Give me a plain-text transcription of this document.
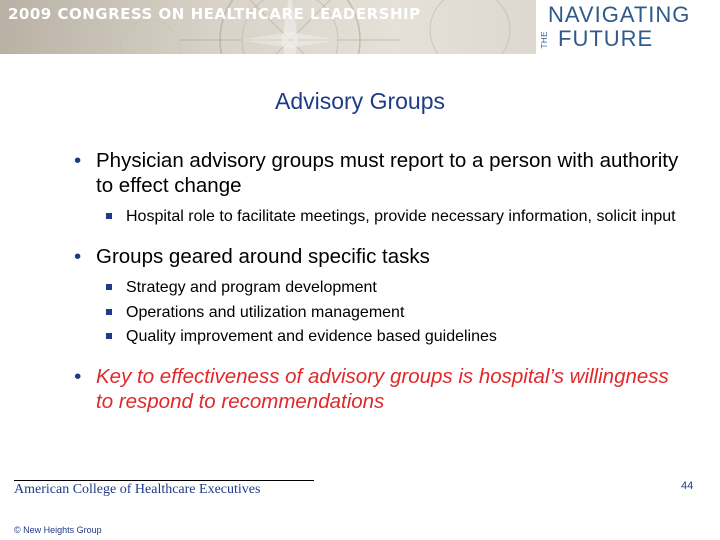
2009 CONGRESS ON HEALTHCARE LEADERSHIP	NAVIGATING
THE FUTURE
Advisory Groups
• Physician advisory groups must report to a person with authority to effect change
Hospital role to facilitate meetings, provide necessary information, solicit input
• Groups geared around specific tasks
Strategy and program development
Operations and utilization management
Quality improvement and evidence based guidelines
• Key to effectiveness of advisory groups is hospital’s willingness to respond to recommendations
American College of Healthcare Executives
© New Heights Group
44
